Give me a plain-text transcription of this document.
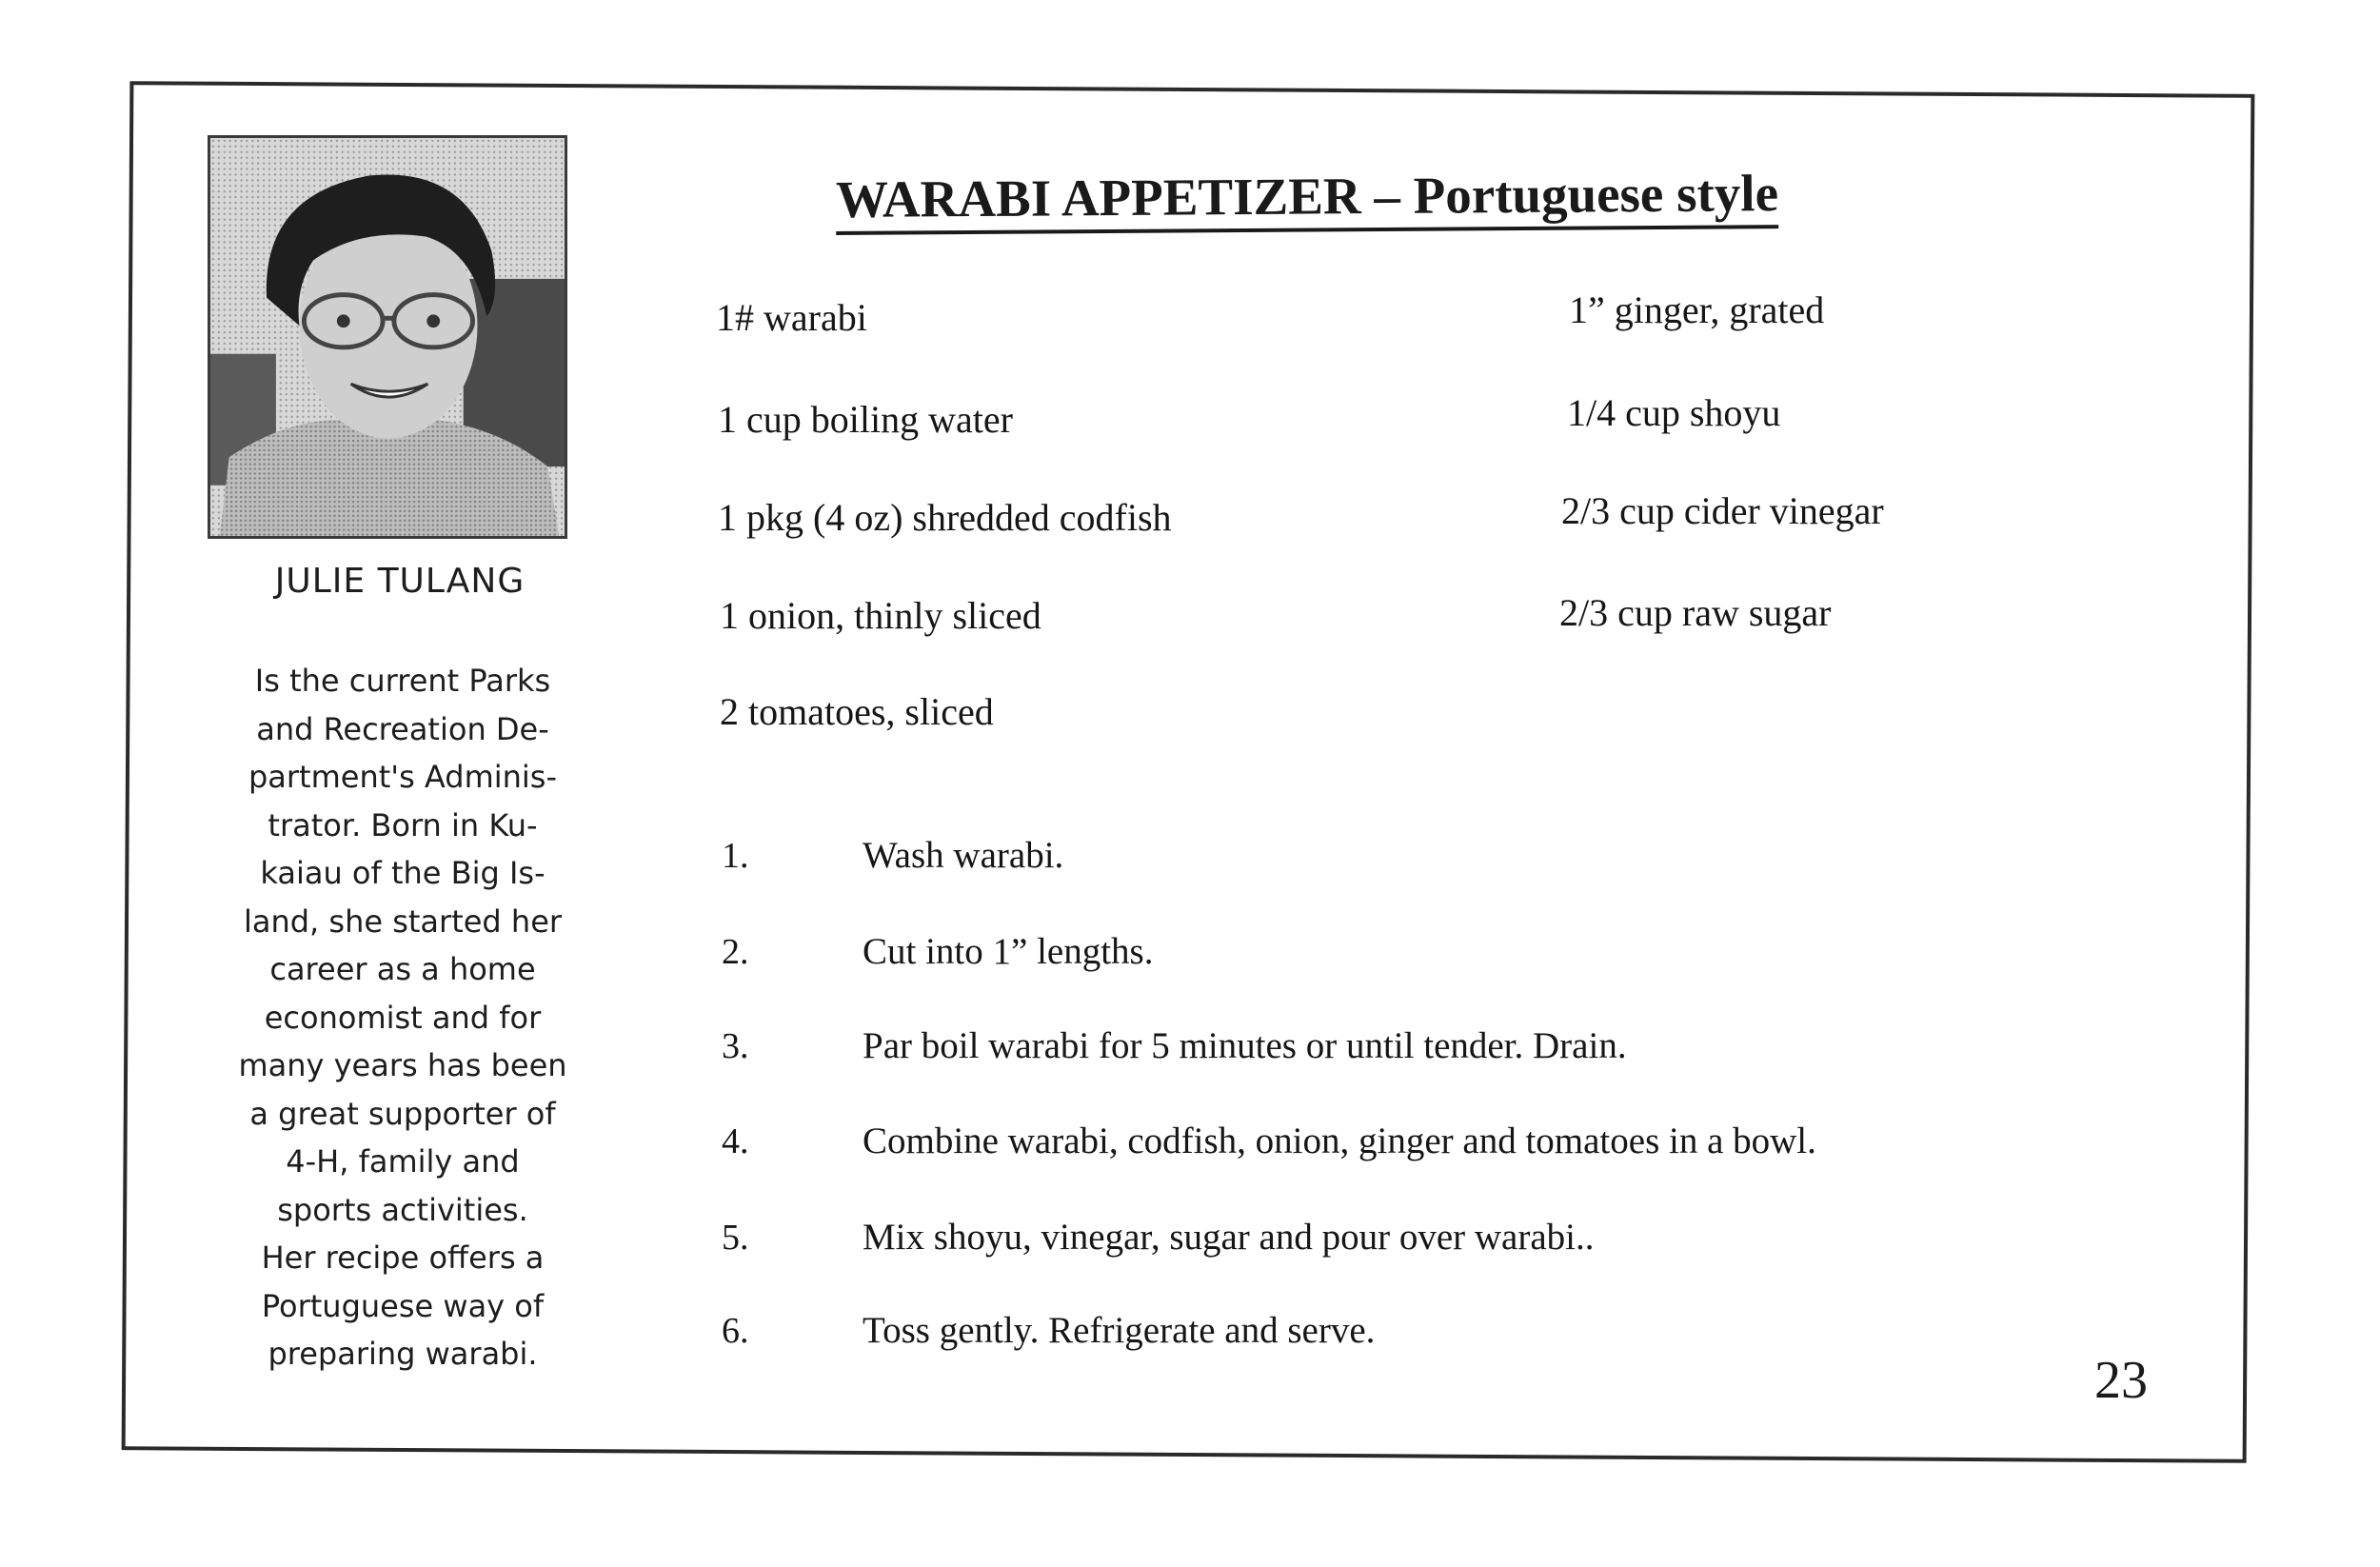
JULIE TULANG
Is the current Parks
and Recreation De-
partment's Adminis-
trator. Born in Ku-
kaiau of the Big Is-
land, she started her
career as a home
economist and for
many years has been
a great supporter of
4-H, family and
sports activities.
Her recipe offers a
Portuguese way of
preparing warabi.
WARABI APPETIZER – Portuguese style
1# warabi
1 cup boiling water
1 pkg (4 oz) shredded codfish
1 onion, thinly sliced
2 tomatoes, sliced
1” ginger, grated
1/4 cup shoyu
2/3 cup cider vinegar
2/3 cup raw sugar
1.	Wash warabi.
2.	Cut into 1” lengths.
3.	Par boil warabi for 5 minutes or until tender. Drain.
4.	Combine warabi, codfish, onion, ginger and tomatoes in a bowl.
5.	Mix shoyu, vinegar, sugar and pour over warabi..
6.	Toss gently. Refrigerate and serve.
23
